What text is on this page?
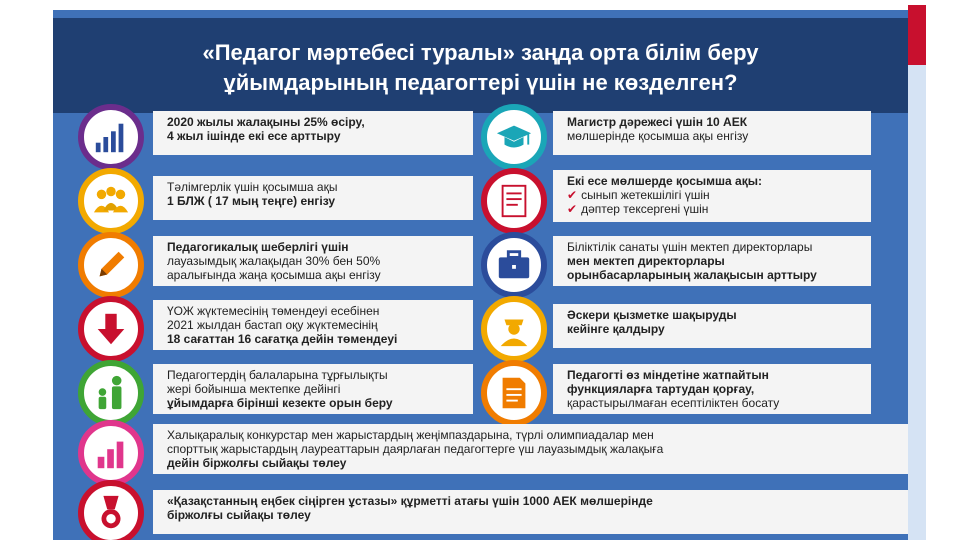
«Педагог мәртебесі туралы» заңда орта білім беру
ұйымдарының педагогтері үшін не көзделген?
2020 жылы жалақыны 25% өсіру,
4 жыл ішінде екі есе арттыру
Тәлімгерлік үшін қосымша ақы
1 БЛЖ ( 17 мың теңге) енгізу
Педагогикалық шеберлігі үшін
лауазымдық жалақыдан 30% бен 50%
аралығында жаңа қосымша ақы енгізу
ҮОЖ жүктемесінің төмендеуі есебінен
2021 жылдан бастап оқу жүктемесінің
18 сағаттан 16 сағатқа дейін төмендеуі
Педагогтердің балаларына тұрғылықты
жері бойынша мектепке дейінгі
ұйымдарға бірінші кезекте орын беру
Магистр дәрежесі үшін 10 АЕК
мөлшерінде қосымша ақы енгізу
Екі есе мөлшерде қосымша ақы:
✔ сынып жетекшілігі үшін
✔ дәптер тексергені үшін
Біліктілік санаты үшін мектеп директорлары
мен мектеп директорлары
орынбасарларының жалақысын арттыру
Әскери қызметке шақыруды
кейінге қалдыру
Педагогті өз міндетіне жатпайтын
функцияларға тартудан қорғау,
қарастырылмаған есептіліктен босату
Халықаралық конкурстар мен жарыстардың жеңімпаздарына, түрлі олимпиадалар мен
спорттық жарыстардың лауреаттарын даярлаған педагогтерге үш лауазымдық жалақыға
дейін біржолғы сыйақы төлеу
«Қазақстанның еңбек сіңірген ұстазы» құрметті атағы үшін 1000 АЕК мөлшерінде
біржолғы сыйақы төлеу
